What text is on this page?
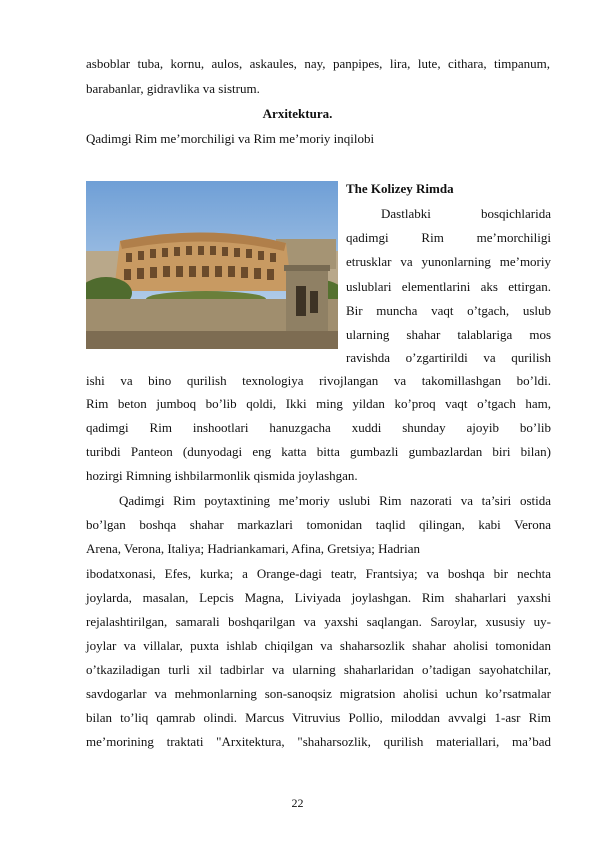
asboblar tuba, kornu, aulos, askaules, nay, panpipes, lira, lute, cithara, timpanum,
barabanlar, gidravlika va sistrum.
Arxitektura.
Qadimgi Rim me’morchiligi va Rim me’moriy inqilobi
The Kolizey Rimda
Dastlabki bosqichlarida
qadimgi Rim me’morchiligi
etrusklar va yunonlarning me’moriy
uslublari elementlarini aks ettirgan.
Bir muncha vaqt o’tgach, uslub
ularning shahar talablariga mos
ravishda o’zgartirildi va qurilish
ishi va bino qurilish texnologiya rivojlangan va takomillashgan bo’ldi.
Rim beton jumboq bo’lib qoldi, Ikki ming yildan ko’proq vaqt o’tgach ham,
qadimgi Rim inshootlari hanuzgacha xuddi shunday ajoyib bo’lib
turibdi Panteon (dunyodagi eng katta bitta gumbazli gumbazlardan biri bilan)
hozirgi Rimning ishbilarmonlik qismida joylashgan.
Qadimgi Rim poytaxtining me’moriy uslubi Rim nazorati va ta’siri ostida
bo’lgan boshqa shahar markazlari tomonidan taqlid qilingan, kabi Verona
Arena, Verona, Italiya; Hadriankamari, Afina, Gretsiya; Hadrian
ibodatxonasi, Efes, kurka; a Orange-dagi teatr, Frantsiya; va boshqa bir nechta
joylarda, masalan, Lepcis Magna, Liviyada joylashgan. Rim shaharlari yaxshi
rejalashtirilgan, samarali boshqarilgan va yaxshi saqlangan. Saroylar, xususiy uy-
joylar va villalar, puxta ishlab chiqilgan va shaharsozlik shahar aholisi tomonidan
o’tkaziladigan turli xil tadbirlar va ularning shaharlaridan o’tadigan sayohatchilar,
savdogarlar va mehmonlarning son-sanoqsiz migratsion aholisi uchun ko’rsatmalar
bilan to’liq qamrab olindi. Marcus Vitruvius Pollio, miloddan avvalgi 1-asr Rim
me’morining traktati "Arxitektura, "shaharsozlik, qurilish materiallari, ma’bad
22
